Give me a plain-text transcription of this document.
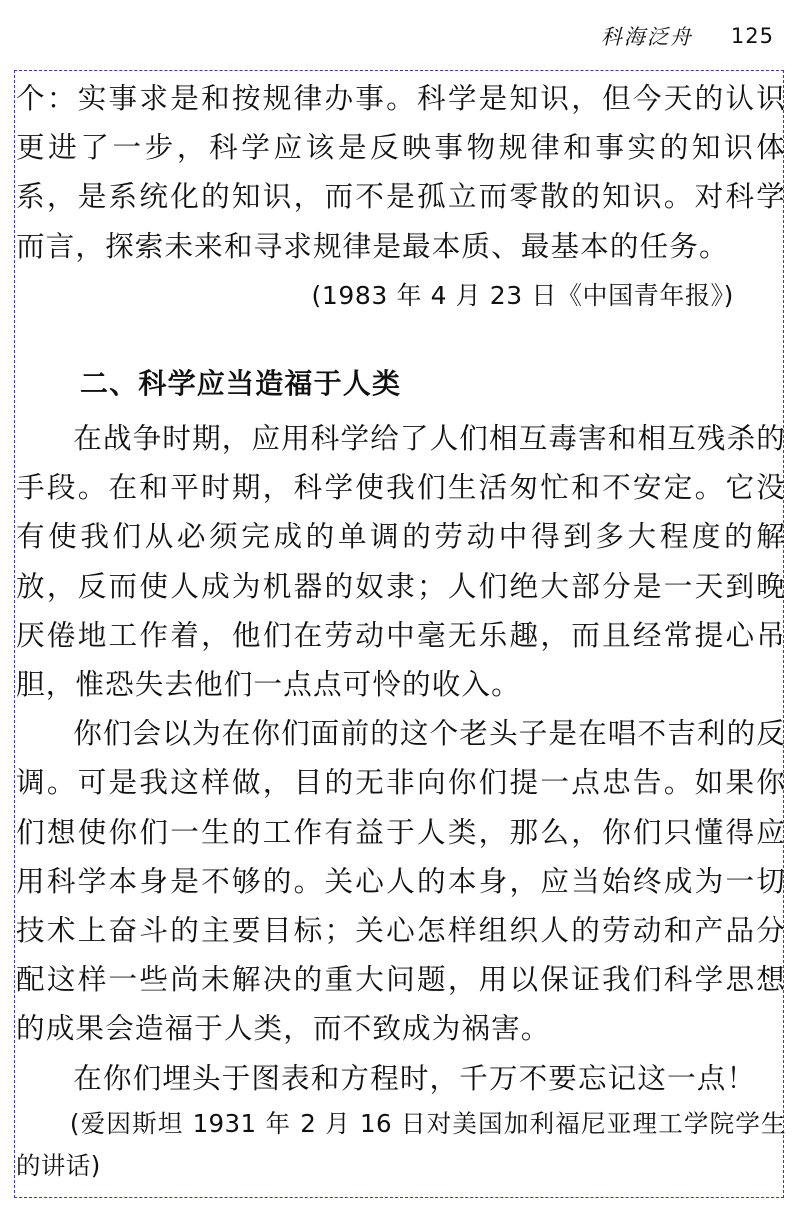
科海泛舟 125

个：实事求是和按规律办事。科学是知识，但今天的认识更进了一步，科学应该是反映事物规律和事实的知识体系，是系统化的知识，而不是孤立而零散的知识。对科学而言，探索未来和寻求规律是最本质、最基本的任务。

(1983 年 4 月 23 日《中国青年报》)

二、科学应当造福于人类

在战争时期，应用科学给了人们相互毒害和相互残杀的手段。在和平时期，科学使我们生活匆忙和不安定。它没有使我们从必须完成的单调的劳动中得到多大程度的解放，反而使人成为机器的奴隶；人们绝大部分是一天到晚厌倦地工作着，他们在劳动中毫无乐趣，而且经常提心吊胆，惟恐失去他们一点点可怜的收入。

你们会以为在你们面前的这个老头子是在唱不吉利的反调。可是我这样做，目的无非向你们提一点忠告。如果你们想使你们一生的工作有益于人类，那么，你们只懂得应用科学本身是不够的。关心人的本身，应当始终成为一切技术上奋斗的主要目标；关心怎样组织人的劳动和产品分配这样一些尚未解决的重大问题，用以保证我们科学思想的成果会造福于人类，而不致成为祸害。

在你们埋头于图表和方程时，千万不要忘记这一点！

(爱因斯坦 1931 年 2 月 16 日对美国加利福尼亚理工学院学生的讲话)
